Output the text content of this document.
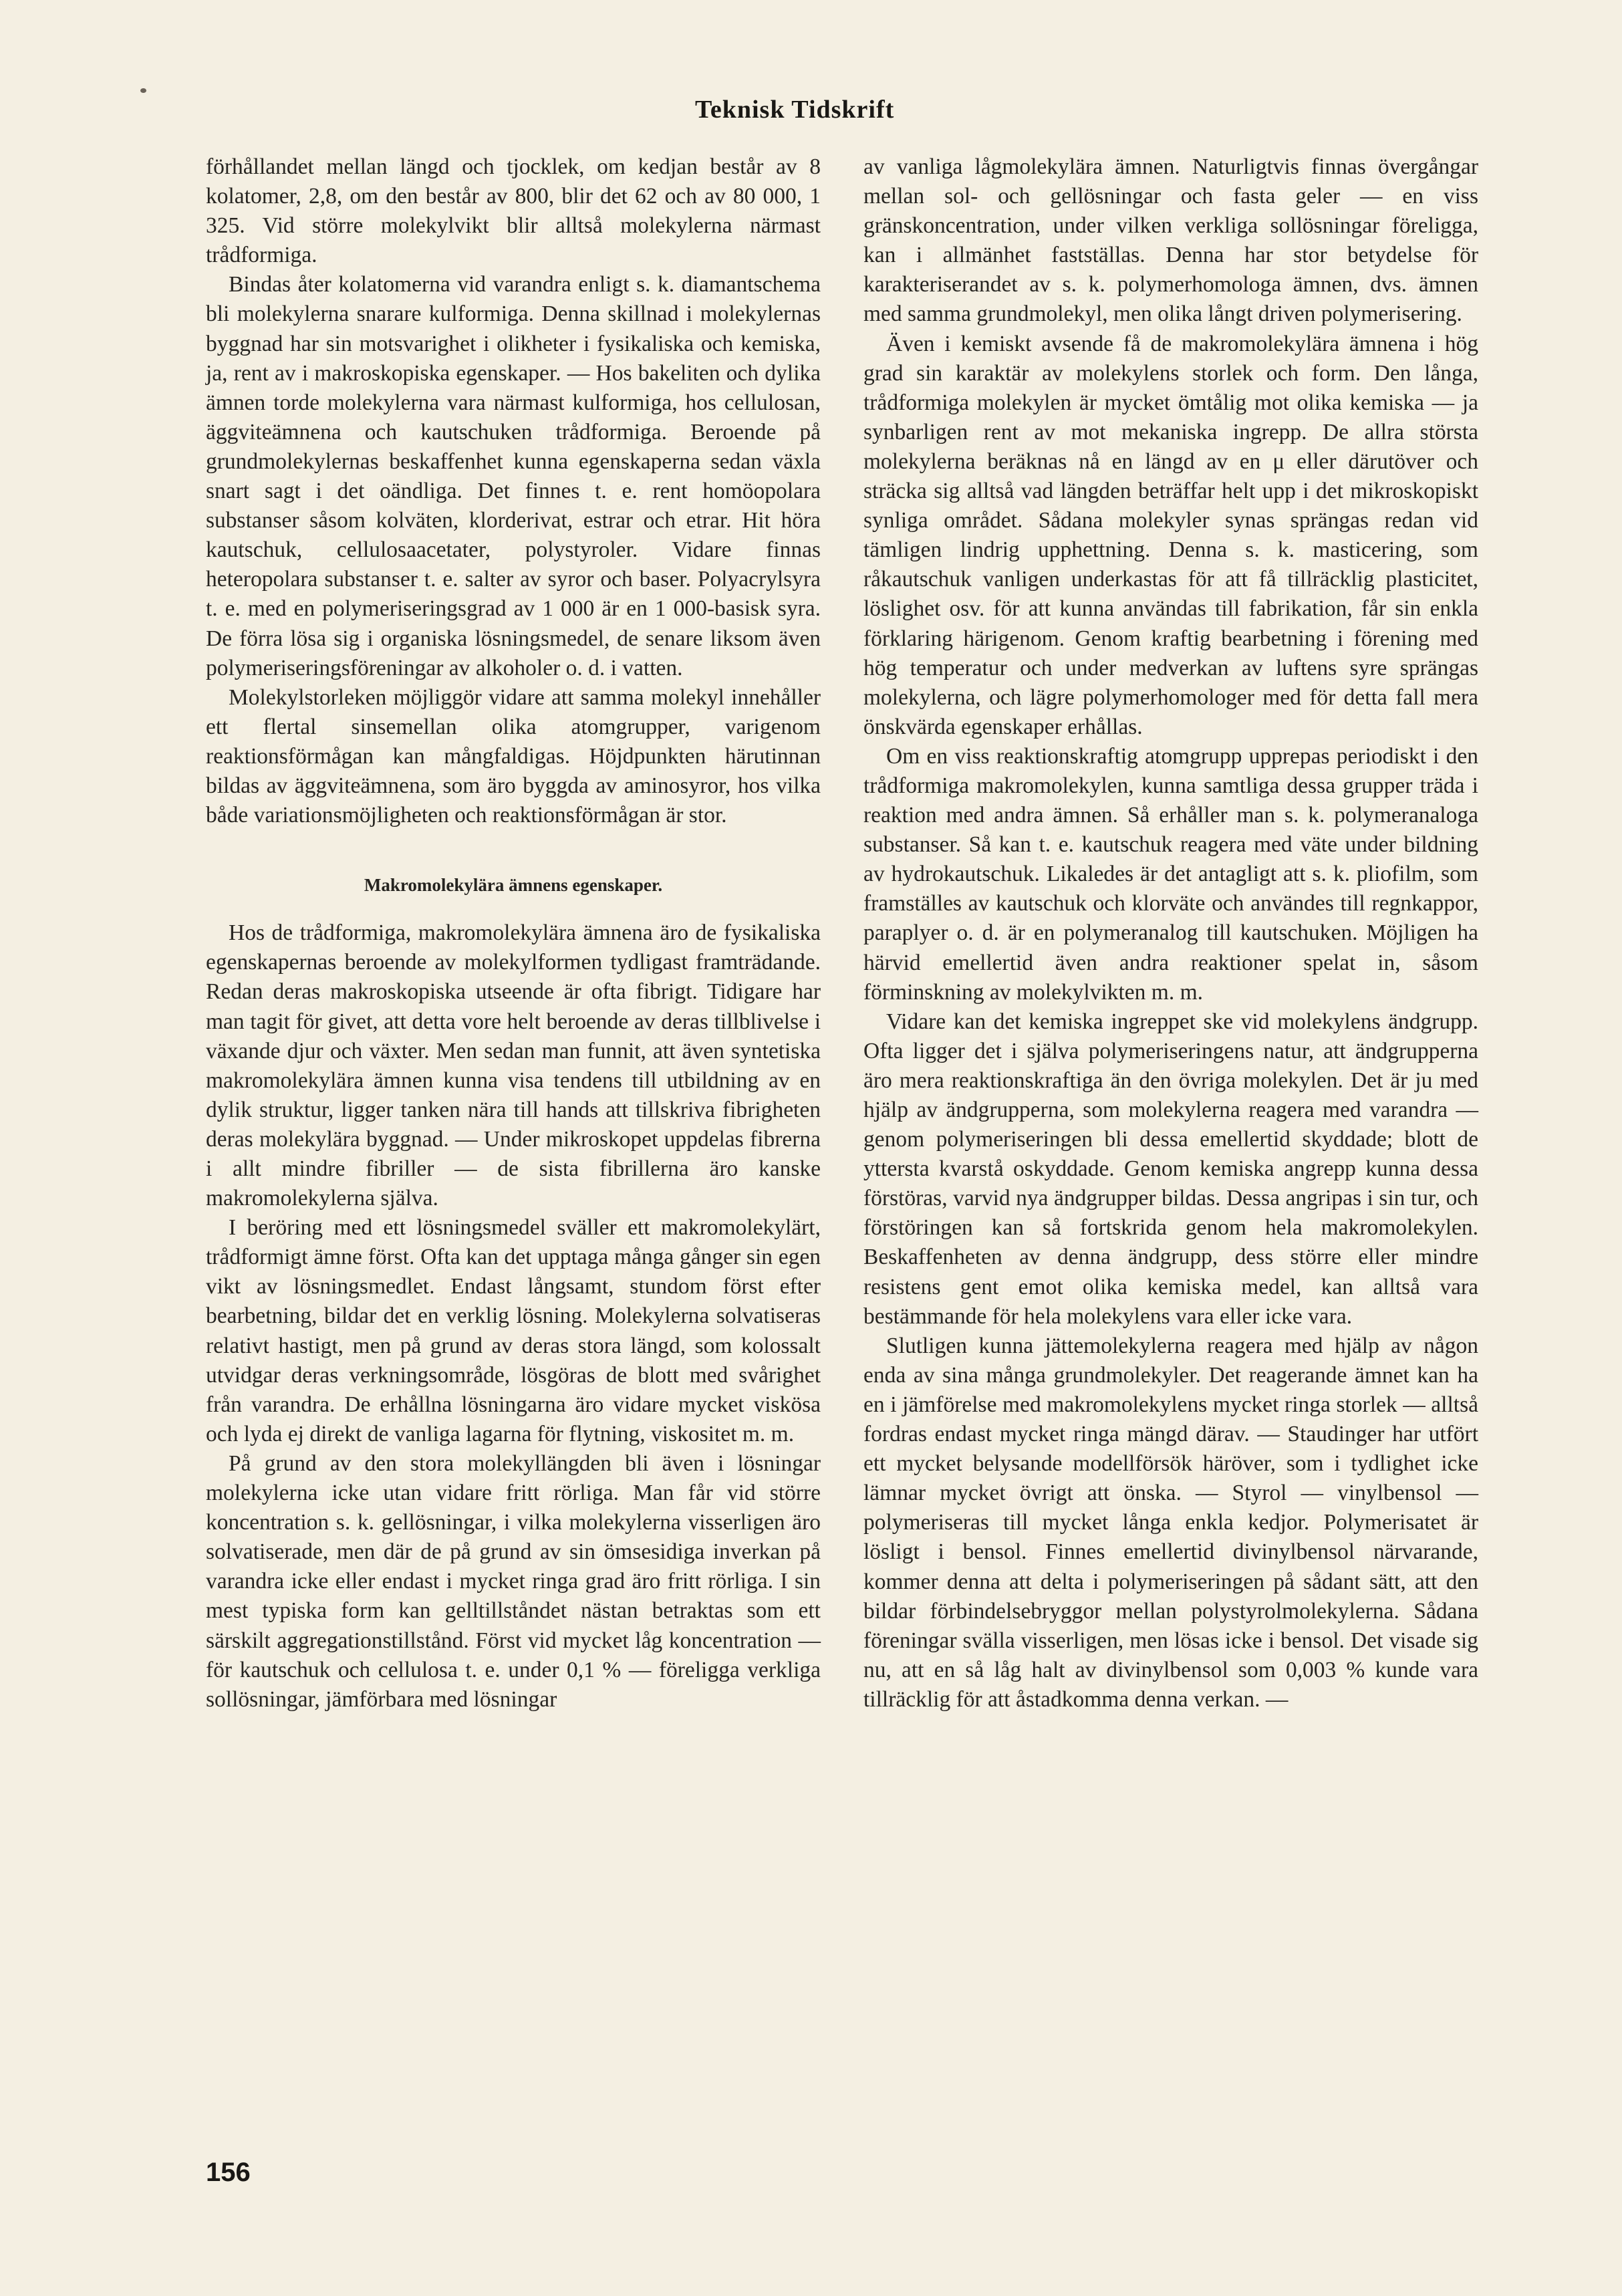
Teknisk Tidskrift

förhållandet mellan längd och tjocklek, om kedjan består av 8 kolatomer, 2,8, om den består av 800, blir det 62 och av 80 000, 1 325. Vid större molekylvikt blir alltså molekylerna närmast trådformiga.

Bindas åter kolatomerna vid varandra enligt s. k. diamantschema bli molekylerna snarare kulformiga. Denna skillnad i molekylernas byggnad har sin motsvarighet i olikheter i fysikaliska och kemiska, ja, rent av i makroskopiska egenskaper. — Hos bakeliten och dylika ämnen torde molekylerna vara närmast kulformiga, hos cellulosan, äggviteämnena och kautschuken trådformiga. Beroende på grundmolekylernas beskaffenhet kunna egenskaperna sedan växla snart sagt i det oändliga. Det finnes t. e. rent homöopolara substanser såsom kolväten, klorderivat, estrar och etrar. Hit höra kautschuk, cellulosaacetater, polystyroler. Vidare finnas heteropolara substanser t. e. salter av syror och baser. Polyacrylsyra t. e. med en polymeriseringsgrad av 1 000 är en 1 000-basisk syra. De förra lösa sig i organiska lösningsmedel, de senare liksom även polymeriseringsföreningar av alkoholer o. d. i vatten.

Molekylstorleken möjliggör vidare att samma molekyl innehåller ett flertal sinsemellan olika atomgrupper, varigenom reaktionsförmågan kan mångfaldigas. Höjdpunkten härutinnan bildas av äggviteämnena, som äro byggda av aminosyror, hos vilka både variationsmöjligheten och reaktionsförmågan är stor.

Makromolekylära ämnens egenskaper.

Hos de trådformiga, makromolekylära ämnena äro de fysikaliska egenskapernas beroende av molekylformen tydligast framträdande. Redan deras makroskopiska utseende är ofta fibrigt. Tidigare har man tagit för givet, att detta vore helt beroende av deras tillblivelse i växande djur och växter. Men sedan man funnit, att även syntetiska makromolekylära ämnen kunna visa tendens till utbildning av en dylik struktur, ligger tanken nära till hands att tillskriva fibrigheten deras molekylära byggnad. — Under mikroskopet uppdelas fibrerna i allt mindre fibriller — de sista fibrillerna äro kanske makromolekylerna själva.

I beröring med ett lösningsmedel sväller ett makromolekylärt, trådformigt ämne först. Ofta kan det upptaga många gånger sin egen vikt av lösningsmedlet. Endast långsamt, stundom först efter bearbetning, bildar det en verklig lösning. Molekylerna solvatiseras relativt hastigt, men på grund av deras stora längd, som kolossalt utvidgar deras verkningsområde, lösgöras de blott med svårighet från varandra. De erhållna lösningarna äro vidare mycket viskösa och lyda ej direkt de vanliga lagarna för flytning, viskositet m. m.

På grund av den stora molekyllängden bli även i lösningar molekylerna icke utan vidare fritt rörliga. Man får vid större koncentration s. k. gellösningar, i vilka molekylerna visserligen äro solvatiserade, men där de på grund av sin ömsesidiga inverkan på varandra icke eller endast i mycket ringa grad äro fritt rörliga. I sin mest typiska form kan gelltillståndet nästan betraktas som ett särskilt aggregationstillstånd. Först vid mycket låg koncentration — för kautschuk och cellulosa t. e. under 0,1 % — föreligga verkliga sollösningar, jämförbara med lösningar

av vanliga lågmolekylära ämnen. Naturligtvis finnas övergångar mellan sol- och gellösningar och fasta geler — en viss gränskoncentration, under vilken verkliga sollösningar föreligga, kan i allmänhet fastställas. Denna har stor betydelse för karakteriserandet av s. k. polymerhomologa ämnen, dvs. ämnen med samma grundmolekyl, men olika långt driven polymerisering.

Även i kemiskt avsende få de makromolekylära ämnena i hög grad sin karaktär av molekylens storlek och form. Den långa, trådformiga molekylen är mycket ömtålig mot olika kemiska — ja synbarligen rent av mot mekaniska ingrepp. De allra största molekylerna beräknas nå en längd av en μ eller därutöver och sträcka sig alltså vad längden beträffar helt upp i det mikroskopiskt synliga området. Sådana molekyler synas sprängas redan vid tämligen lindrig upphettning. Denna s. k. masticering, som råkautschuk vanligen underkastas för att få tillräcklig plasticitet, löslighet osv. för att kunna användas till fabrikation, får sin enkla förklaring härigenom. Genom kraftig bearbetning i förening med hög temperatur och under medverkan av luftens syre sprängas molekylerna, och lägre polymerhomologer med för detta fall mera önskvärda egenskaper erhållas.

Om en viss reaktionskraftig atomgrupp upprepas periodiskt i den trådformiga makromolekylen, kunna samtliga dessa grupper träda i reaktion med andra ämnen. Så erhåller man s. k. polymeranaloga substanser. Så kan t. e. kautschuk reagera med väte under bildning av hydrokautschuk. Likaledes är det antagligt att s. k. pliofilm, som framställes av kautschuk och klorväte och användes till regnkappor, paraplyer o. d. är en polymeranalog till kautschuken. Möjligen ha härvid emellertid även andra reaktioner spelat in, såsom förminskning av molekylvikten m. m.

Vidare kan det kemiska ingreppet ske vid molekylens ändgrupp. Ofta ligger det i själva polymeriseringens natur, att ändgrupperna äro mera reaktionskraftiga än den övriga molekylen. Det är ju med hjälp av ändgrupperna, som molekylerna reagera med varandra — genom polymeriseringen bli dessa emellertid skyddade; blott de yttersta kvarstå oskyddade. Genom kemiska angrepp kunna dessa förstöras, varvid nya ändgrupper bildas. Dessa angripas i sin tur, och förstöringen kan så fortskrida genom hela makromolekylen. Beskaffenheten av denna ändgrupp, dess större eller mindre resistens gent emot olika kemiska medel, kan alltså vara bestämmande för hela molekylens vara eller icke vara.

Slutligen kunna jättemolekylerna reagera med hjälp av någon enda av sina många grundmolekyler. Det reagerande ämnet kan ha en i jämförelse med makromolekylens mycket ringa storlek — alltså fordras endast mycket ringa mängd därav. — Staudinger har utfört ett mycket belysande modellförsök häröver, som i tydlighet icke lämnar mycket övrigt att önska. — Styrol — vinylbensol — polymeriseras till mycket långa enkla kedjor. Polymerisatet är lösligt i bensol. Finnes emellertid divinylbensol närvarande, kommer denna att delta i polymeriseringen på sådant sätt, att den bildar förbindelsebryggor mellan polystyrolmolekylerna. Sådana föreningar svälla visserligen, men lösas icke i bensol. Det visade sig nu, att en så låg halt av divinylbensol som 0,003 % kunde vara tillräcklig för att åstadkomma denna verkan. —

156
